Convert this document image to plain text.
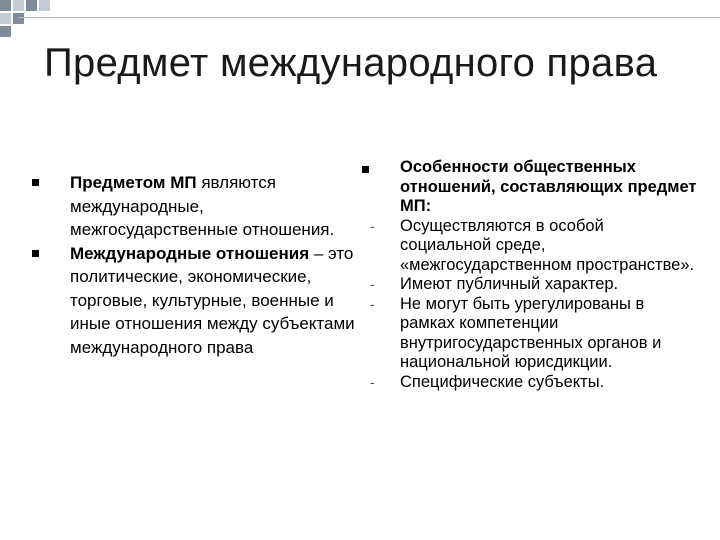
Предмет международного права
Предметом МП являются международные, межгосударственные отношения.
Международные отношения – это политические, экономические, торговые, культурные, военные и иные отношения между субъектами международного права
Особенности общественных отношений, составляющих предмет МП:
- Осуществляются в особой социальной среде, «межгосударственном пространстве».
- Имеют публичный характер.
- Не могут быть урегулированы в рамках компетенции внутригосударственных органов и национальной юрисдикции.
- Специфические субъекты.
